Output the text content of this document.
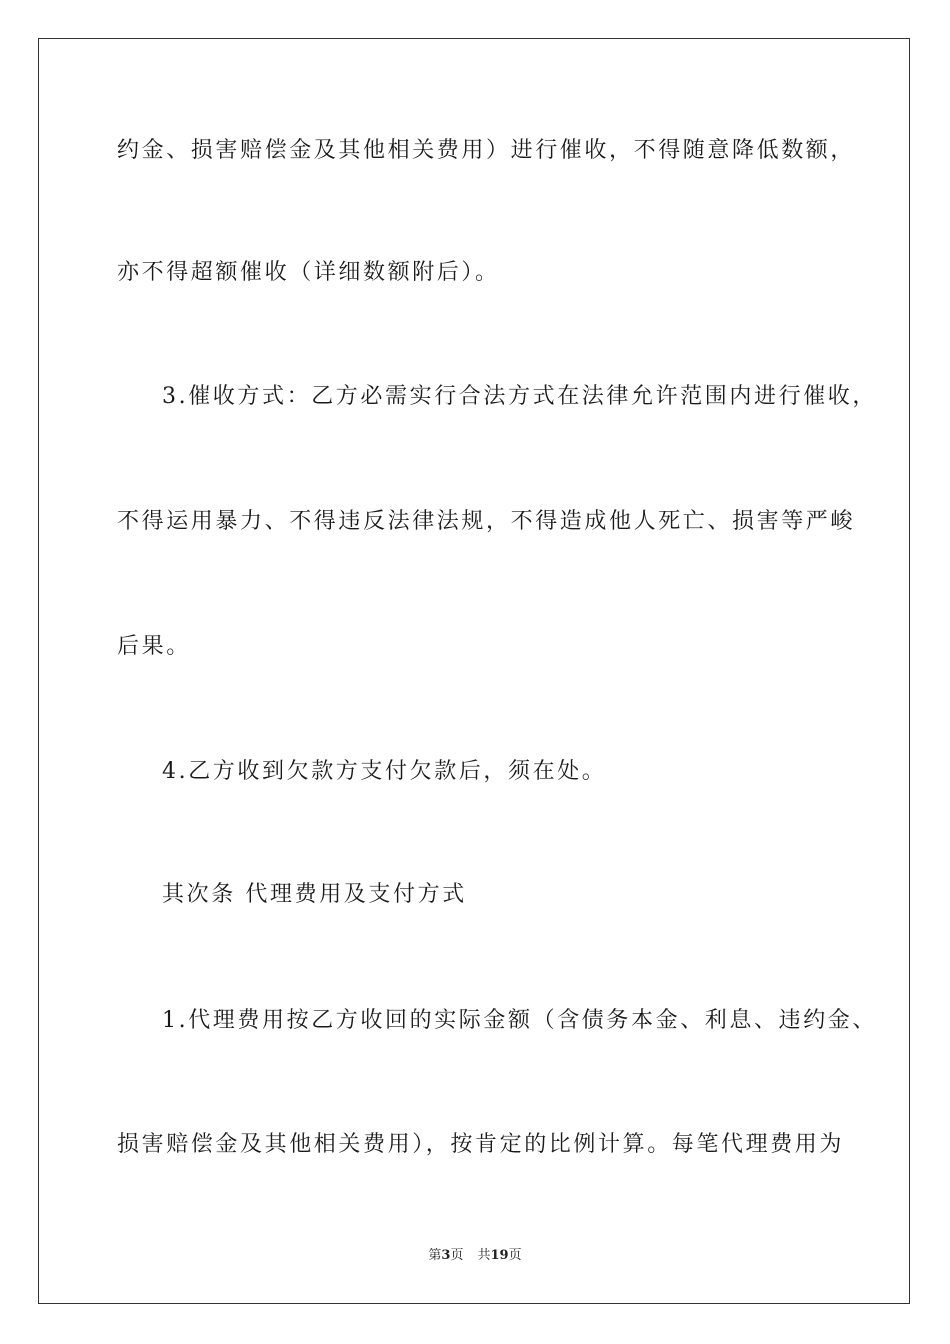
约金、损害赔偿金及其他相关费用）进行催收，不得随意降低数额，
亦不得超额催收（详细数额附后）。
3.催收方式：乙方必需实行合法方式在法律允许范围内进行催收，
不得运用暴力、不得违反法律法规，不得造成他人死亡、损害等严峻
后果。
4.乙方收到欠款方支付欠款后，须在处。
其次条 代理费用及支付方式
1.代理费用按乙方收回的实际金额（含债务本金、利息、违约金、
损害赔偿金及其他相关费用），按肯定的比例计算。每笔代理费用为
第3页 共19页
